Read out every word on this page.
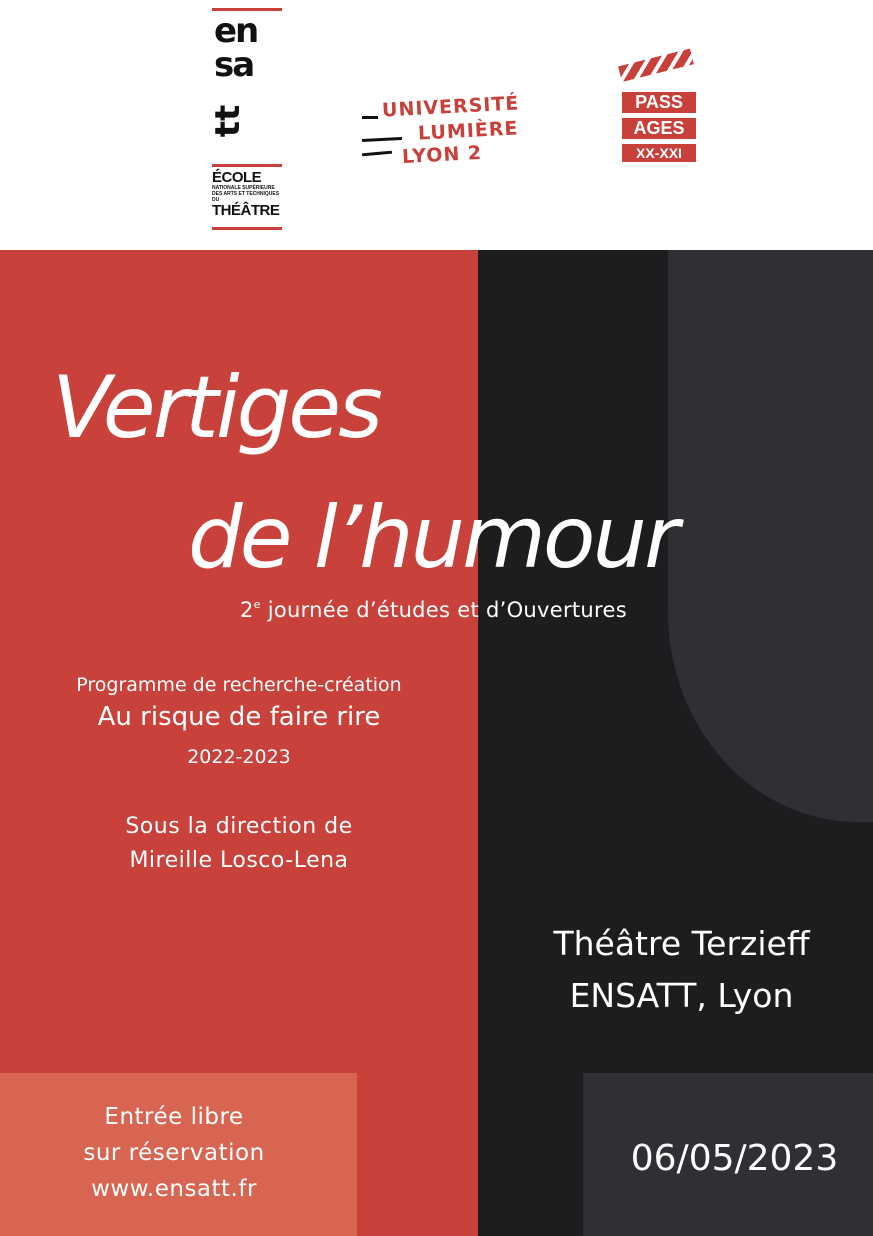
en
sa
tt
ÉCOLE
NATIONALE SUPÉRIEURE
DES ARTS ET TECHNIQUES DU
THÉÂTRE
UNIVERSITÉ
LUMIÈRE
LYON 2
PASS
AGES
XX-XXI
Vertiges
de l’humour
2e journée d’études et d’Ouvertures
Programme de recherche-création
Au risque de faire rire
2022-2023
Sous la direction de
Mireille Losco-Lena
Théâtre Terzieff
ENSATT, Lyon
Entrée libre
sur réservation
www.ensatt.fr
06/05/2023
